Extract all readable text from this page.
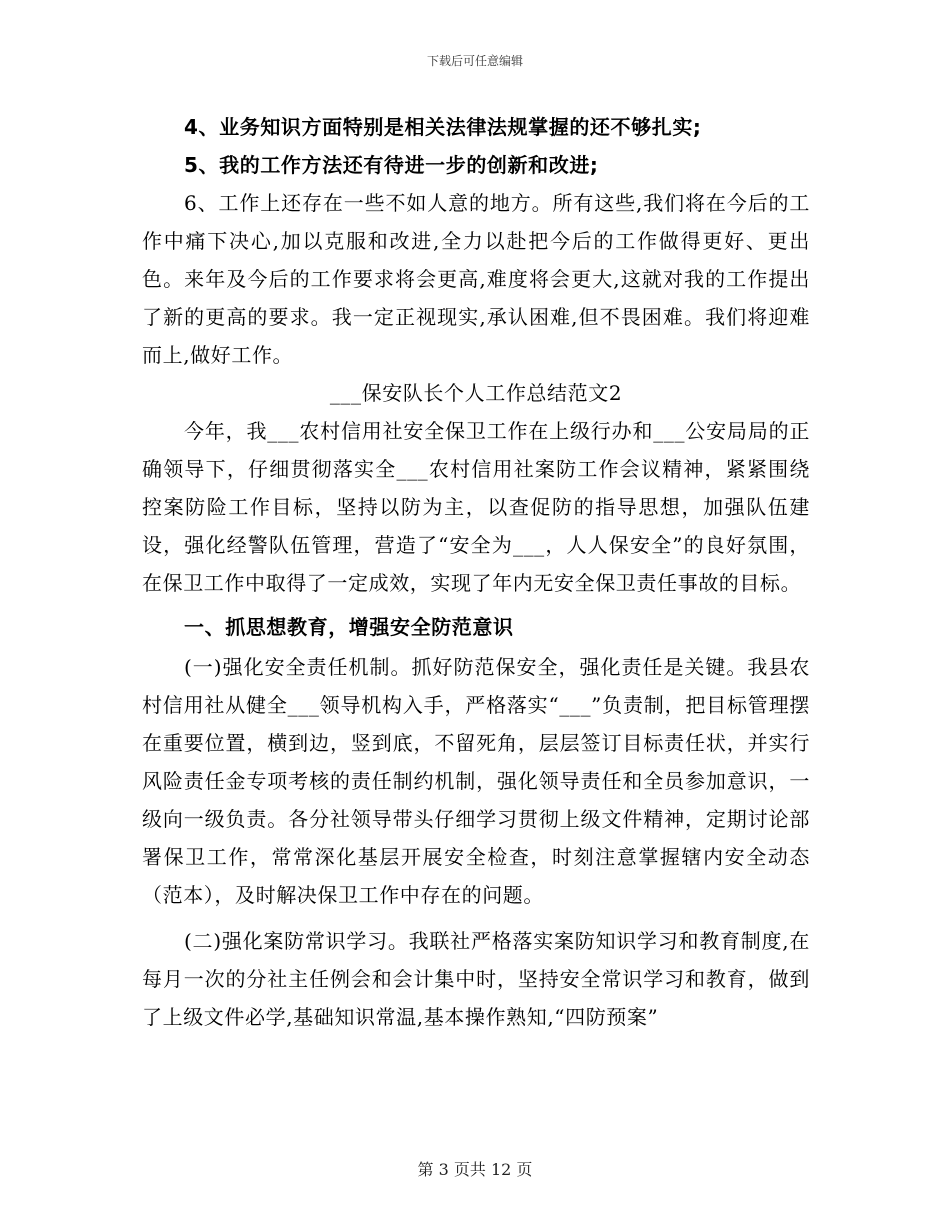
下载后可任意编辑

4、业务知识方面特别是相关法律法规掌握的还不够扎实;

5、我的工作方法还有待进一步的创新和改进;

6、工作上还存在一些不如人意的地方。所有这些,我们将在今后的工作中痛下决心,加以克服和改进,全力以赴把今后的工作做得更好、更出色。来年及今后的工作要求将会更高,难度将会更大,这就对我的工作提出了新的更高的要求。我一定正视现实,承认困难,但不畏困难。我们将迎难而上,做好工作。

___保安队长个人工作总结范文2

今年，我___农村信用社安全保卫工作在上级行办和___公安局局的正确领导下，仔细贯彻落实全___农村信用社案防工作会议精神，紧紧围绕控案防险工作目标，坚持以防为主，以查促防的指导思想，加强队伍建设，强化经警队伍管理，营造了“安全为___，人人保安全”的良好氛围，在保卫工作中取得了一定成效，实现了年内无安全保卫责任事故的目标。

一、抓思想教育，增强安全防范意识

(一)强化安全责任机制。抓好防范保安全，强化责任是关键。我县农村信用社从健全___领导机构入手，严格落实“___”负责制，把目标管理摆在重要位置，横到边，竖到底，不留死角，层层签订目标责任状，并实行风险责任金专项考核的责任制约机制，强化领导责任和全员参加意识，一级向一级负责。各分社领导带头仔细学习贯彻上级文件精神，定期讨论部署保卫工作，常常深化基层开展安全检查，时刻注意掌握辖内安全动态（范本），及时解决保卫工作中存在的问题。

(二)强化案防常识学习。我联社严格落实案防知识学习和教育制度,在每月一次的分社主任例会和会计集中时，坚持安全常识学习和教育，做到了上级文件必学,基础知识常温,基本操作熟知,“四防预案”

第 3 页共 12 页
